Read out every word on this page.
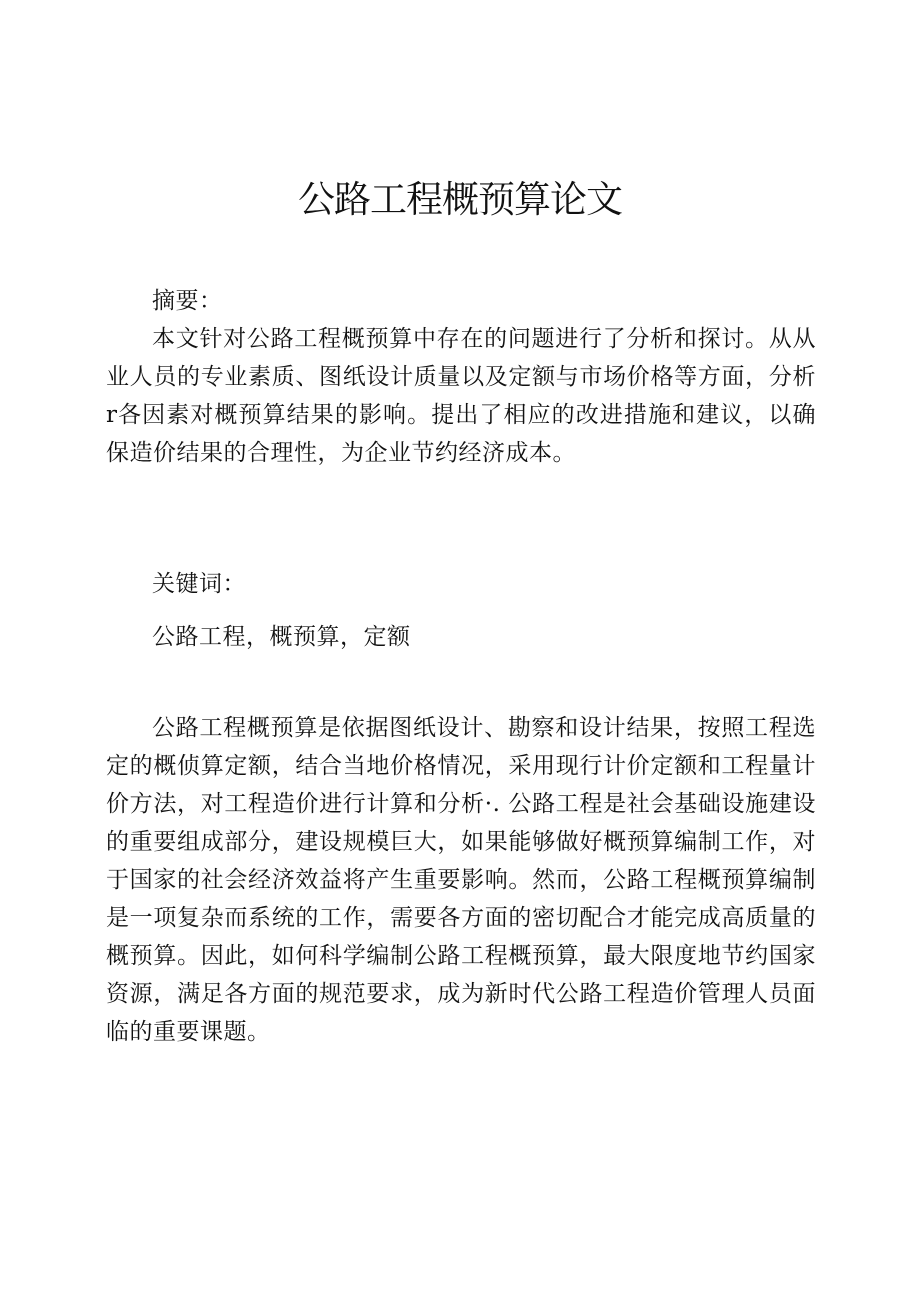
公路工程概预算论文

摘要：

本文针对公路工程概预算中存在的问题进行了分析和探讨。从从业人员的专业素质、图纸设计质量以及定额与市场价格等方面，分析r各因素对概预算结果的影响。提出了相应的改进措施和建议，以确保造价结果的合理性，为企业节约经济成本。

关键词：

公路工程，概预算，定额

公路工程概预算是依据图纸设计、勘察和设计结果，按照工程选定的概侦算定额，结合当地价格情况，采用现行计价定额和工程量计价方法，对工程造价进行计算和分析·. 公路工程是社会基础设施建设的重要组成部分，建设规模巨大，如果能够做好概预算编制工作，对于国家的社会经济效益将产生重要影响。然而，公路工程概预算编制是一项复杂而系统的工作，需要各方面的密切配合才能完成高质量的概预算。因此，如何科学编制公路工程概预算，最大限度地节约国家资源，满足各方面的规范要求，成为新时代公路工程造价管理人员面临的重要课题。
